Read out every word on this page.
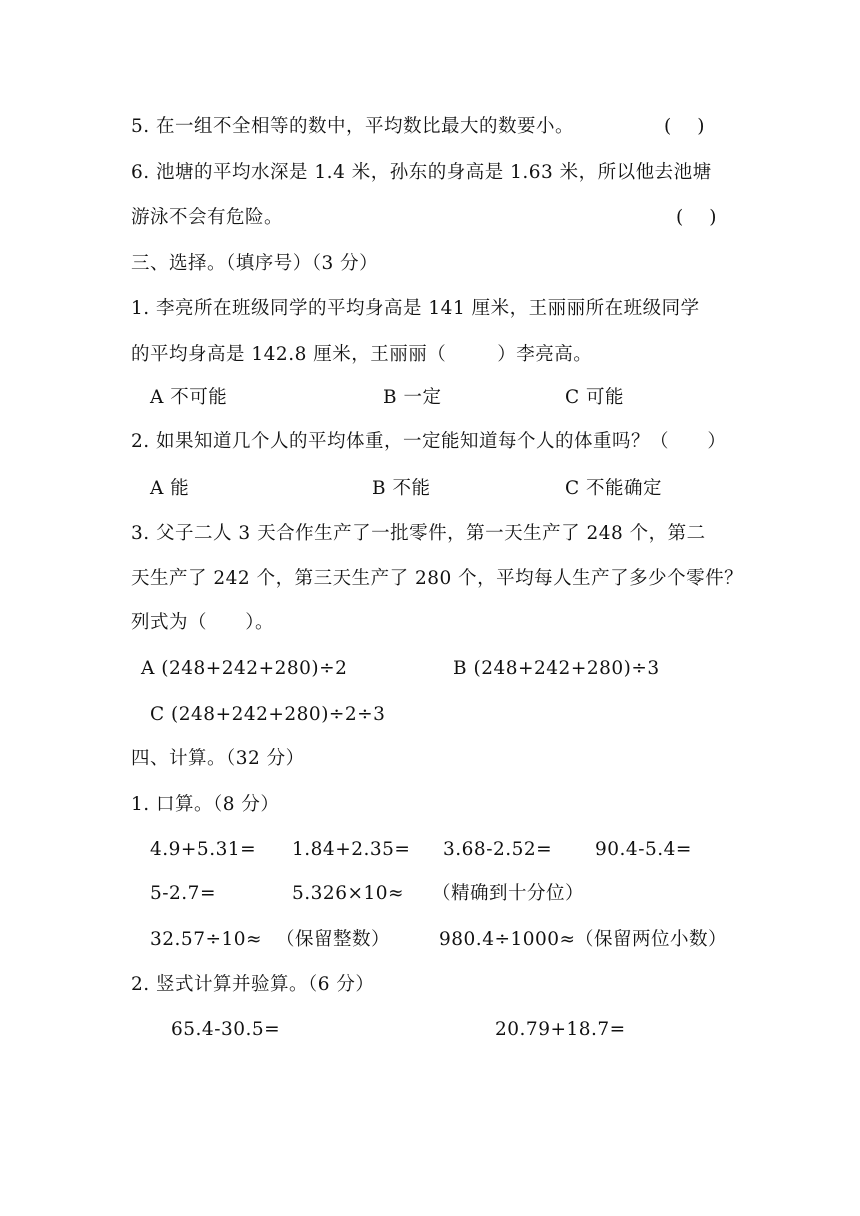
5. 在一组不全相等的数中，平均数比最大的数要小。	(    )
6. 池塘的平均水深是 1.4 米，孙东的身高是 1.63 米，所以他去池塘
游泳不会有危险。	(    )
三、选择。（填序号）（3 分）
1. 李亮所在班级同学的平均身高是 141 厘米，王丽丽所在班级同学
的平均身高是 142.8 厘米，王丽丽（        ）李亮高。
A 不可能	B 一定	C 可能
2. 如果知道几个人的平均体重，一定能知道每个人的体重吗？（      ）
A 能	B 不能	C 不能确定
3. 父子二人 3 天合作生产了一批零件，第一天生产了 248 个，第二
天生产了 242 个，第三天生产了 280 个，平均每人生产了多少个零件？
列式为（      ）。
A (248+242+280)÷2	B (248+242+280)÷3
C (248+242+280)÷2÷3
四、计算。（32 分）
1. 口算。（8 分）
4.9+5.31= 1.84+2.35= 3.68-2.52= 90.4-5.4=
5-2.7=	5.326×10≈ （精确到十分位）
32.57÷10≈ （保留整数）	980.4÷1000≈ （保留两位小数）
2. 竖式计算并验算。（6 分）
65.4-30.5=	20.79+18.7=
